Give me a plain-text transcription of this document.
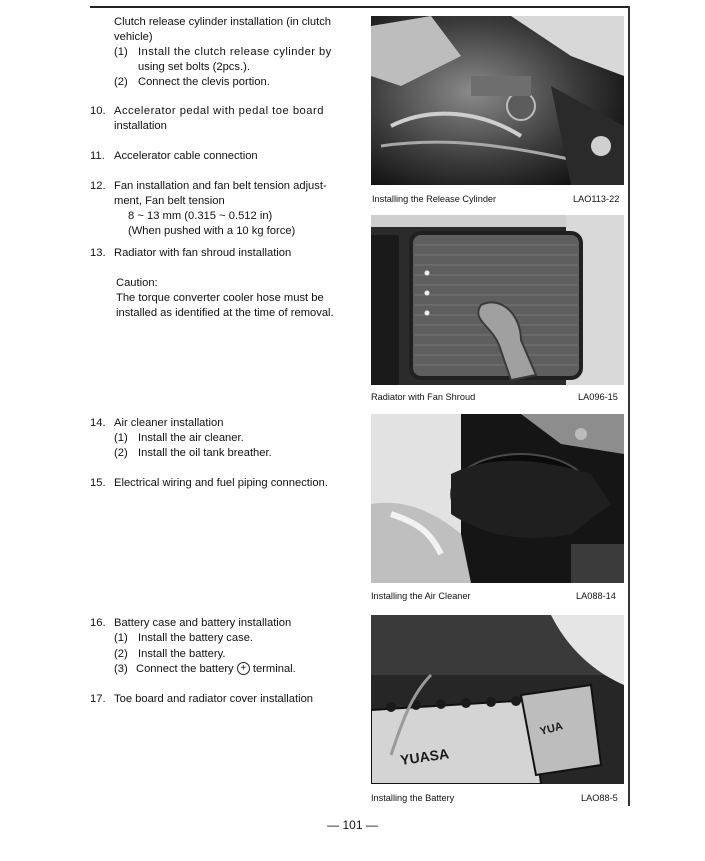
Clutch release cylinder installation (in clutch
vehicle)
(1) Install the clutch release cylinder by
using set bolts (2pcs.).
(2) Connect the clevis portion.
10. Accelerator pedal with pedal toe board
installation
11. Accelerator cable connection
12. Fan installation and fan belt tension adjust-
ment, Fan belt tension
8 ~ 13 mm (0.315 ~ 0.512 in)
(When pushed with a 10 kg force)
13. Radiator with fan shroud installation
Caution:
The torque converter cooler hose must be
installed as identified at the time of removal.
14. Air cleaner installation
(1) Install the air cleaner.
(2) Install the oil tank breather.
15. Electrical wiring and fuel piping connection.
16. Battery case and battery installation
(1) Install the battery case.
(2) Install the battery.
(3) Connect the battery + terminal.
17. Toe board and radiator cover installation
Installing the Release Cylinder	LAO113-22
Radiator with Fan Shroud	LA096-15
Installing the Air Cleaner	LA088-14
YUASA
YUA
Installing the Battery	LAO88-5
— 101 —
